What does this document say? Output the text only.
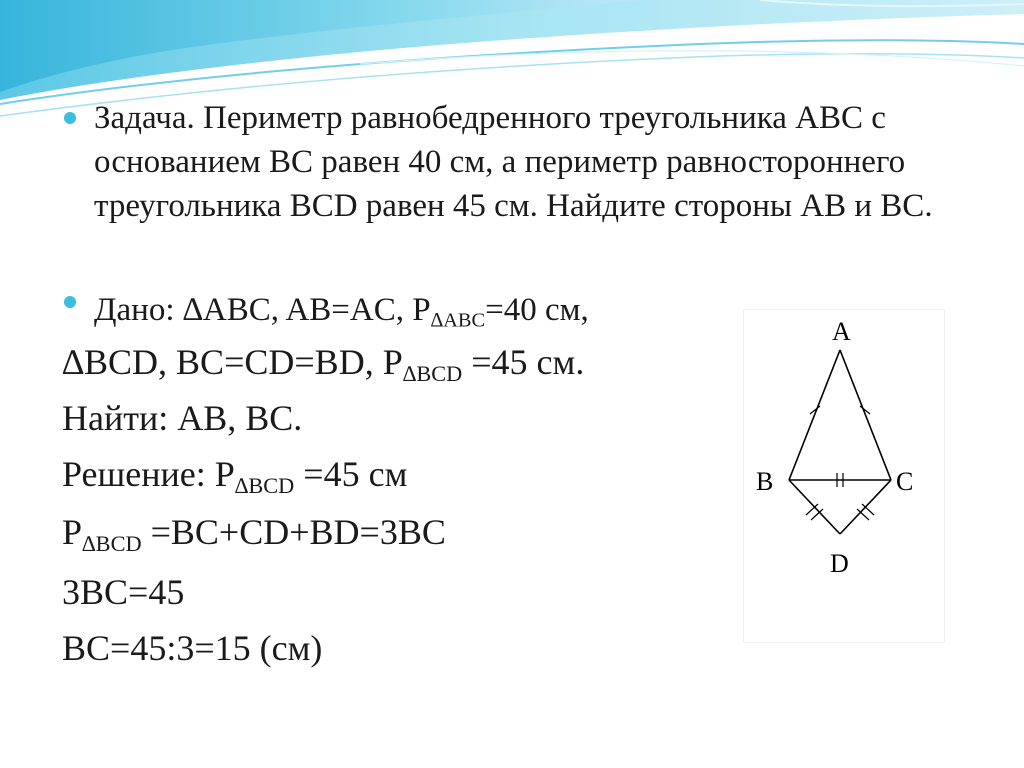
Задача. Периметр равнобедренного треугольника ABC с основанием BC равен 40 см, а периметр равностороннего треугольника BCD равен 45 см. Найдите стороны AB и BC.
Дано: ∆ABC, AB=AC, $P_{\Delta ABC}=40$ см,
∆BCD, BC=CD=BD, $P_{\Delta BCD} =45$ см.
Найти: AB, BC.
Решение: $P_{\Delta BCD} =45$ см
$P_{\Delta BCD} =BC+CD+BD=3BC$
3BC=45
BC=45:3=15 (см)
A
B	C
D
